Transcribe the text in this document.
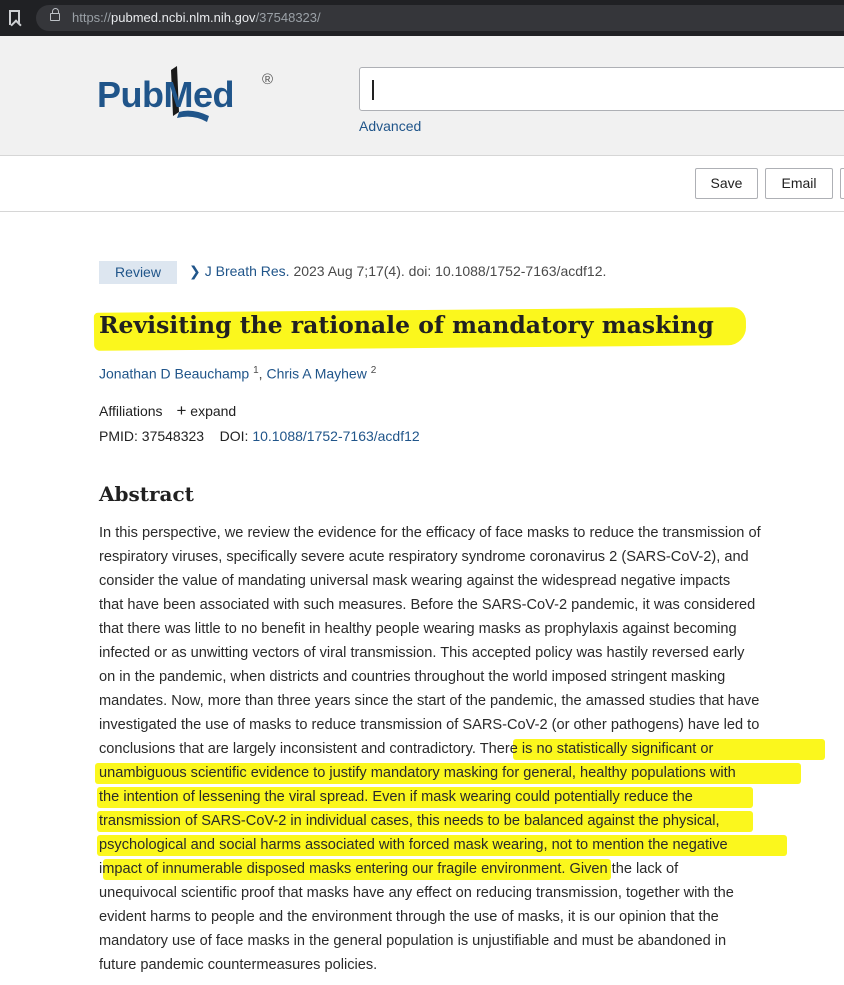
https://pubmed.ncbi.nlm.nih.gov/37548323/
PubMed ®
Advanced
Save	Email
Review	❯ J Breath Res. 2023 Aug 7;17(4). doi: 10.1088/1752-7163/acdf12.
Revisiting the rationale of mandatory masking
Jonathan D Beauchamp $^1$, Chris A Mayhew $^2$
Affiliations + expand
PMID: 37548323 DOI: 10.1088/1752-7163/acdf12
Abstract
In this perspective, we review the evidence for the efficacy of face masks to reduce the transmission of
respiratory viruses, specifically severe acute respiratory syndrome coronavirus 2 (SARS-CoV-2), and
consider the value of mandating universal mask wearing against the widespread negative impacts
that have been associated with such measures. Before the SARS-CoV-2 pandemic, it was considered
that there was little to no benefit in healthy people wearing masks as prophylaxis against becoming
infected or as unwitting vectors of viral transmission. This accepted policy was hastily reversed early
on in the pandemic, when districts and countries throughout the world imposed stringent masking
mandates. Now, more than three years since the start of the pandemic, the amassed studies that have
investigated the use of masks to reduce transmission of SARS-CoV-2 (or other pathogens) have led to
conclusions that are largely inconsistent and contradictory. There is no statistically significant or
unambiguous scientific evidence to justify mandatory masking for general, healthy populations with
the intention of lessening the viral spread. Even if mask wearing could potentially reduce the
transmission of SARS-CoV-2 in individual cases, this needs to be balanced against the physical,
psychological and social harms associated with forced mask wearing, not to mention the negative
impact of innumerable disposed masks entering our fragile environment. Given the lack of
unequivocal scientific proof that masks have any effect on reducing transmission, together with the
evident harms to people and the environment through the use of masks, it is our opinion that the
mandatory use of face masks in the general population is unjustifiable and must be abandoned in
future pandemic countermeasures policies.
